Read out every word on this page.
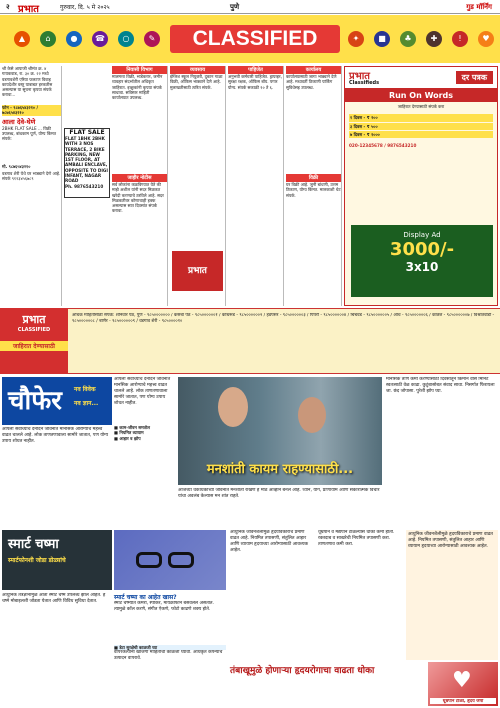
२ प्रभात	गुरुवार, दि. ५ मे २०२५	पुणे	गुड मॉर्निंग
▲	⌂	●	☎	○	✎	CLASSIFIED	✦	■	♣	✚	!	♥
श्री केसे आपाजी श्रीमंत क्र. ४ गायकवाड, रा. ३० क्र. २२ मध्ये वडगावशेरी एरिया फलटण विवाह कायदेशीर वस्तु याबाबत हरकतीस असल्यास या सूचना कृपया संपर्क करावा...
फोन - ९८७६५४३२१० / ७८७६५४३२१०
आला देवे-घेणे
2BHK FLAT SALE ... विक्री उपलब्ध, बांधकाम पूर्ण, योग्य किंमत संपर्क:
मो. ९८७६५४३२१०
वडगाव शेरी येथे घर भाड्याने देणे आहे. संपर्क ९१२३४५६७८९
FLAT SALE
FLAT 1BHK 2BHK WITH 3 NOS TERRACE, 2 BIKE PARKING, NEW 1ST FLOOR, AT AMBALI ENCLAVE, OPPOSITE TO DIGI INFANT, NAGAR ROAD
Ph. 9876543210
निवासी विभाग
मालमत्ता विक्री, भाडेकरार, जमीन व्यवहार संदर्भातील अधिकृत जाहिरात. इच्छुकांनी कृपया संपर्क साधावा. सविस्तर माहिती कार्यालयात उपलब्ध.
जाहीर नोटीस
सर्व लोकांना कळविण्यात येते की माझे अशील यांनी सदर मिळकत खरेदी करण्याचे ठरविले आहे. सदर मिळकतीवर कोणाचाही हक्क असल्यास सात दिवसांत संपर्क करावा.
व्यवसाय
इंग्लिश स्कूल नियुक्ती, दुकान गाळा विक्री, ऑफिस भाड्याने देणे आहे. मुलाखतीसाठी त्वरित संपर्क.
प्रभात
पाहिजेत
अनुभवी कर्मचारी पाहिजेत. ड्रायव्हर, सुरक्षा रक्षक, ऑफिस बॉय. पगार योग्य. संपर्क सकाळी १० ते ६.
कार्यालय
कार्यालयासाठी जागा भाड्याने देणे आहे. मध्यवर्ती ठिकाणी पार्किंग सुविधेसह उपलब्ध.
विक्री
घर विक्री आहे. जुनी बांधणी, उत्तम ठिकाण, योग्य किंमत. मालकाशी थेट संपर्क.
प्रभात
Classifieds
दर पत्रक
Run On Words
जाहिरात देण्यासाठी संपर्क करा
१ दिवस - ₹ २००
३ दिवस - ₹ ५००
७ दिवस - ₹ १०००
020-12345678 / 9876543210
Display Ad
3000/-
3x10
अधिक माहितीसाठी संपर्क: शनिवार पेठ, पुणे - ९८५००००००० / कसबा पेठ - ९८५००००००१ / कोथरूड - ९८५००००००२ / हडपसर - ९८५००००००३ / पिंपरी - ९८५००००००४ / चिंचवड - ९८५००००००५ / औंध - ९८५००००००६ / कात्रज - ९८५००००००७ / विश्रांतवाडी - ९८५००००००८ / बाणेर - ९८५००००००९ / वडगाव शेरी - ९८५००००१०
प्रभात
CLASSIFIED
जाहिरात देण्यासाठी
चौफेर नव विवेक
नव ज्ञान...
आपली सर्वांच्याच दैनंदिन जीवनात मानसिक आरोग्याचे महत्त्व वाढत चालले आहे. लोक ताणतणावाला सामोरे जातात, पण योग्य उपाय शोधत नाहीत.
आपली सर्वांच्याच दैनंदिन जीवनात मानसिक आरोग्याचे महत्त्व वाढत चालले आहे. लोक ताणतणावाला सामोरे जातात, पण योग्य उपाय शोधत नाहीत.
■ काम-जीवन समतोल
■ नियमित व्यायाम
■ आहार व झोप
मनशांती कायम राहण्यासाठी...
आजच्या धकाधकीच्या जीवनात मनशांती राखणे हे मोठे आव्हान बनले आहे. ध्यान, योग, प्राणायाम आणि सकारात्मक विचार यांचा अवलंब केल्यास मन शांत राहते.
मानसिक ताण कमी करण्यासाठी दिवसातून किमान वीस मिनिटे स्वतःसाठी वेळ काढा. कुटुंबासोबत संवाद साधा. निसर्गात फिरायला जा. छंद जोपासा. पुरेशी झोप घ्या.
स्मार्ट चष्मा
स्मार्टफोनशी जोडा डोळ्यांचे
आधुनिक तंत्रज्ञानामुळे आता स्मार्ट चष्मे उपलब्ध झाले आहेत. हे चष्मे मोबाइलशी जोडता येतात आणि विविध सुविधा देतात.
स्मार्ट चष्मा का आहेत खास?
स्मार्ट चष्म्यात कॅमेरा, स्पीकर, मायक्रोफोन बसवलेले असतात. त्यामुळे कॉल करणे, संगीत ऐकणे, फोटो काढणे शक्य होते.
■ डेटा सुरक्षेची काळजी घ्या
वापरकर्त्यांनी खाजगी माहितीची काळजी घ्यावी. अधिकृत कंपन्यांचे उत्पादन वापरावे.
आधुनिक जीवनशैलीमुळे हृदयविकाराचे प्रमाण वाढत आहे. नियमित तपासणी, संतुलित आहार आणि व्यायाम हृदयाच्या आरोग्यासाठी आवश्यक आहेत.
धूम्रपान व मद्यपान टाळल्यास धोका कमी होतो. रक्तदाब व साखरेची नियमित तपासणी करा. ताणतणाव कमी करा.
आधुनिक जीवनशैलीमुळे हृदयविकाराचे प्रमाण वाढत आहे. नियमित तपासणी, संतुलित आहार आणि व्यायाम हृदयाच्या आरोग्यासाठी आवश्यक आहेत.
तंबाखूमुळे होणाऱ्या हृदयरोगाचा वाढता धोका	♥
धूम्रपान टाळा, हृदय जपा
